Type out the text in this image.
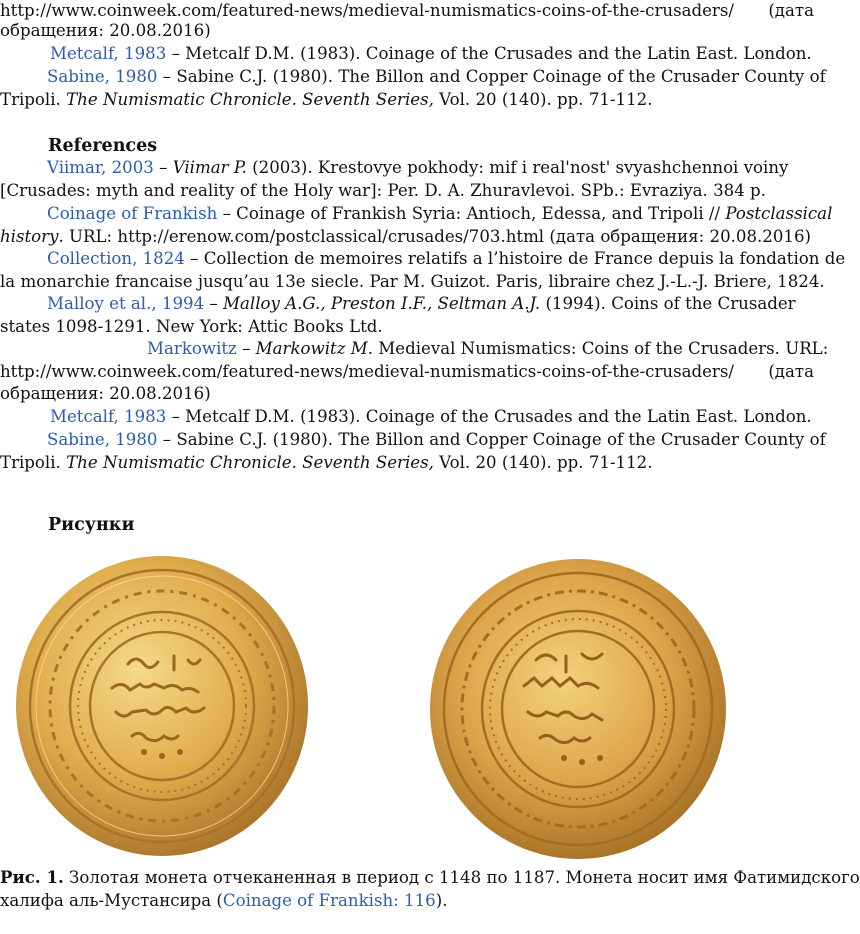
http://www.coinweek.com/featured-news/medieval-numismatics-coins-of-the-crusaders/ (дата
обращения: 20.08.2016)
Metcalf, 1983 – Metcalf D.M. (1983). Coinage of the Crusades and the Latin East. London.
Sabine, 1980 – Sabine C.J. (1980). The Billon and Copper Coinage of the Crusader County of
Tripoli. The Numismatic Chronicle. Seventh Series, Vol. 20 (140). pp. 71-112.
References
Viimar, 2003 – Viimar P. (2003). Krestovye pokhody: mif i real'nost' svyashchennoi voiny
[Crusades: myth and reality of the Holy war]: Per. D. A. Zhuravlevoi. SPb.: Evraziya. 384 p.
Coinage of Frankish – Coinage of Frankish Syria: Antioch, Edessa, and Tripoli // Postclassical
history. URL: http://erenow.com/postclassical/crusades/703.html (дата обращения: 20.08.2016)
Collection, 1824 – Collection de memoires relatifs a l’histoire de France depuis la fondation de
la monarchie francaise jusqu’au 13e siecle. Par M. Guizot. Paris, libraire chez J.-L.-J. Briere, 1824.
Malloy et al., 1994 – Malloy A.G., Preston I.F., Seltman A.J. (1994). Coins of the Crusader
states 1098-1291. New York: Attic Books Ltd.
Markowitz – Markowitz M. Medieval Numismatics: Coins of the Crusaders. URL:
http://www.coinweek.com/featured-news/medieval-numismatics-coins-of-the-crusaders/ (дата
обращения: 20.08.2016)
Metcalf, 1983 – Metcalf D.M. (1983). Coinage of the Crusades and the Latin East. London.
Sabine, 1980 – Sabine C.J. (1980). The Billon and Copper Coinage of the Crusader County of
Tripoli. The Numismatic Chronicle. Seventh Series, Vol. 20 (140). pp. 71-112.
Рисунки
Рис. 1. Золотая монета отчеканенная в период с 1148 по 1187. Монета носит имя Фатимидского
халифа аль-Мустансира (Coinage of Frankish: 116).
